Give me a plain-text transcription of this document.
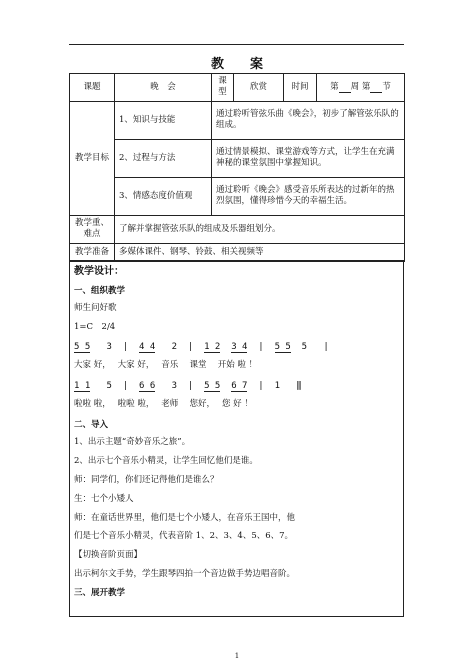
教　　案
课题	晚　会	课型	欣赏	时间	第 周 第 节
教学目标	1、知识与技能	通过聆听管弦乐曲《晚会》，初步了解管弦乐队的组成。			
	2、过程与方法	通过情景模拟、课堂游戏等方式，让学生在充满神秘的课堂氛围中掌握知识。			
	3、情感态度价值观	通过聆听《晚会》感受音乐所表达的过新年的热烈氛围，懂得珍惜今天的幸福生活。			
教学重、难点	了解并掌握管弦乐队的组成及乐器组划分。				
教学准备	多媒体课件、钢琴、铃鼓、相关视频等				
教学设计：
一、组织教学
师生问好歌
1=C　2/4
5 5 3  |  4 4 2  |  1 2 3 4  |  5 5 5   |
大家 好，　 大家 好，　 音乐　 课堂　 开始 啦 ！
1 1 5  |  6 6 3  |  5 5 6 7  |  1 ‖
啦啦 啦，　 啦啦 啦，　 老师　 您好，　 您 好 ！
二、导入
1、出示主题“奇妙音乐之旅”。
2、出示七个音乐小精灵，让学生回忆他们是谁。
师：同学们，你们还记得他们是谁么？
生：七个小矮人
师：在童话世界里，他们是七个小矮人，在音乐王国中，他
们是七个音乐小精灵，代表音阶 1、2、3、4、5、6、7。
【切换音阶页面】
出示柯尔文手势，学生跟琴四拍一个音边做手势边唱音阶。
三、展开教学
1
